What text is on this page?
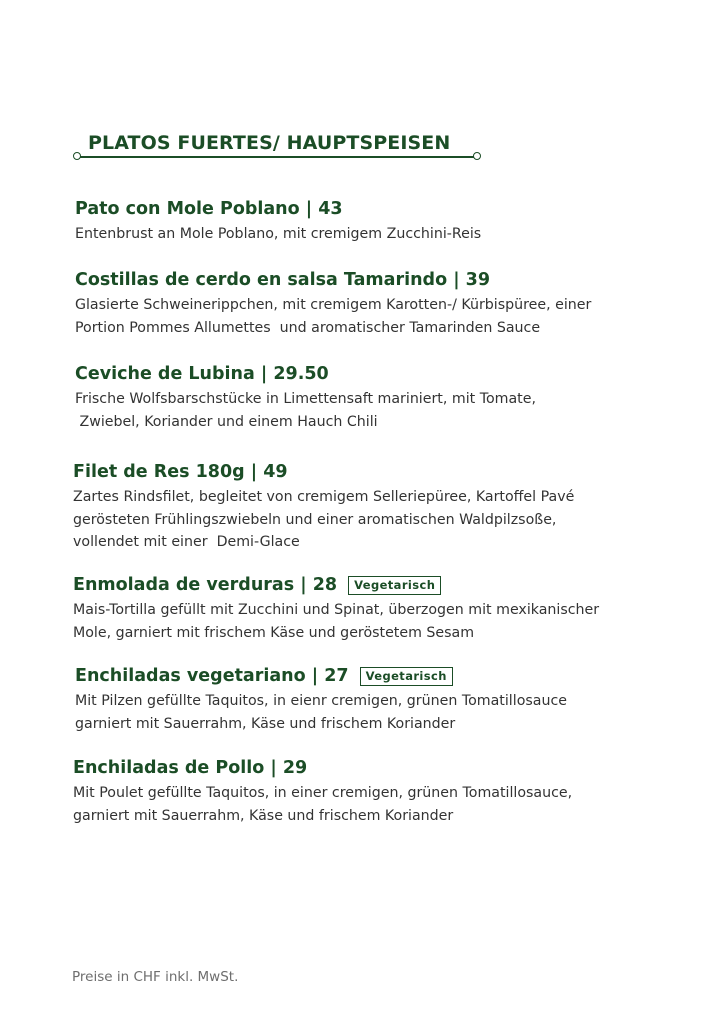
PLATOS FUERTES/ HAUPTSPEISEN
Pato con Mole Poblano | 43
Entenbrust an Mole Poblano, mit cremigem Zucchini-Reis
Costillas de cerdo en salsa Tamarindo | 39
Glasierte Schweinerippchen, mit cremigem Karotten-/ Kürbispüree, einer
Portion Pommes Allumettes  und aromatischer Tamarinden Sauce
Ceviche de Lubina | 29.50
Frische Wolfsbarschstücke in Limettensaft mariniert, mit Tomate,
Zwiebel, Koriander und einem Hauch Chili
Filet de Res 180g | 49
Zartes Rindsfilet, begleitet von cremigem Selleriepüree, Kartoffel Pavé
gerösteten Frühlingszwiebeln und einer aromatischen Waldpilzsoße,
vollendet mit einer  Demi-Glace
Enmolada de verduras | 28	Vegetarisch
Mais-Tortilla gefüllt mit Zucchini und Spinat, überzogen mit mexikanischer
Mole, garniert mit frischem Käse und geröstetem Sesam
Enchiladas vegetariano | 27	Vegetarisch
Mit Pilzen gefüllte Taquitos, in eienr cremigen, grünen Tomatillosauce
garniert mit Sauerrahm, Käse und frischem Koriander
Enchiladas de Pollo | 29
Mit Poulet gefüllte Taquitos, in einer cremigen, grünen Tomatillosauce,
garniert mit Sauerrahm, Käse und frischem Koriander
Preise in CHF inkl. MwSt.
